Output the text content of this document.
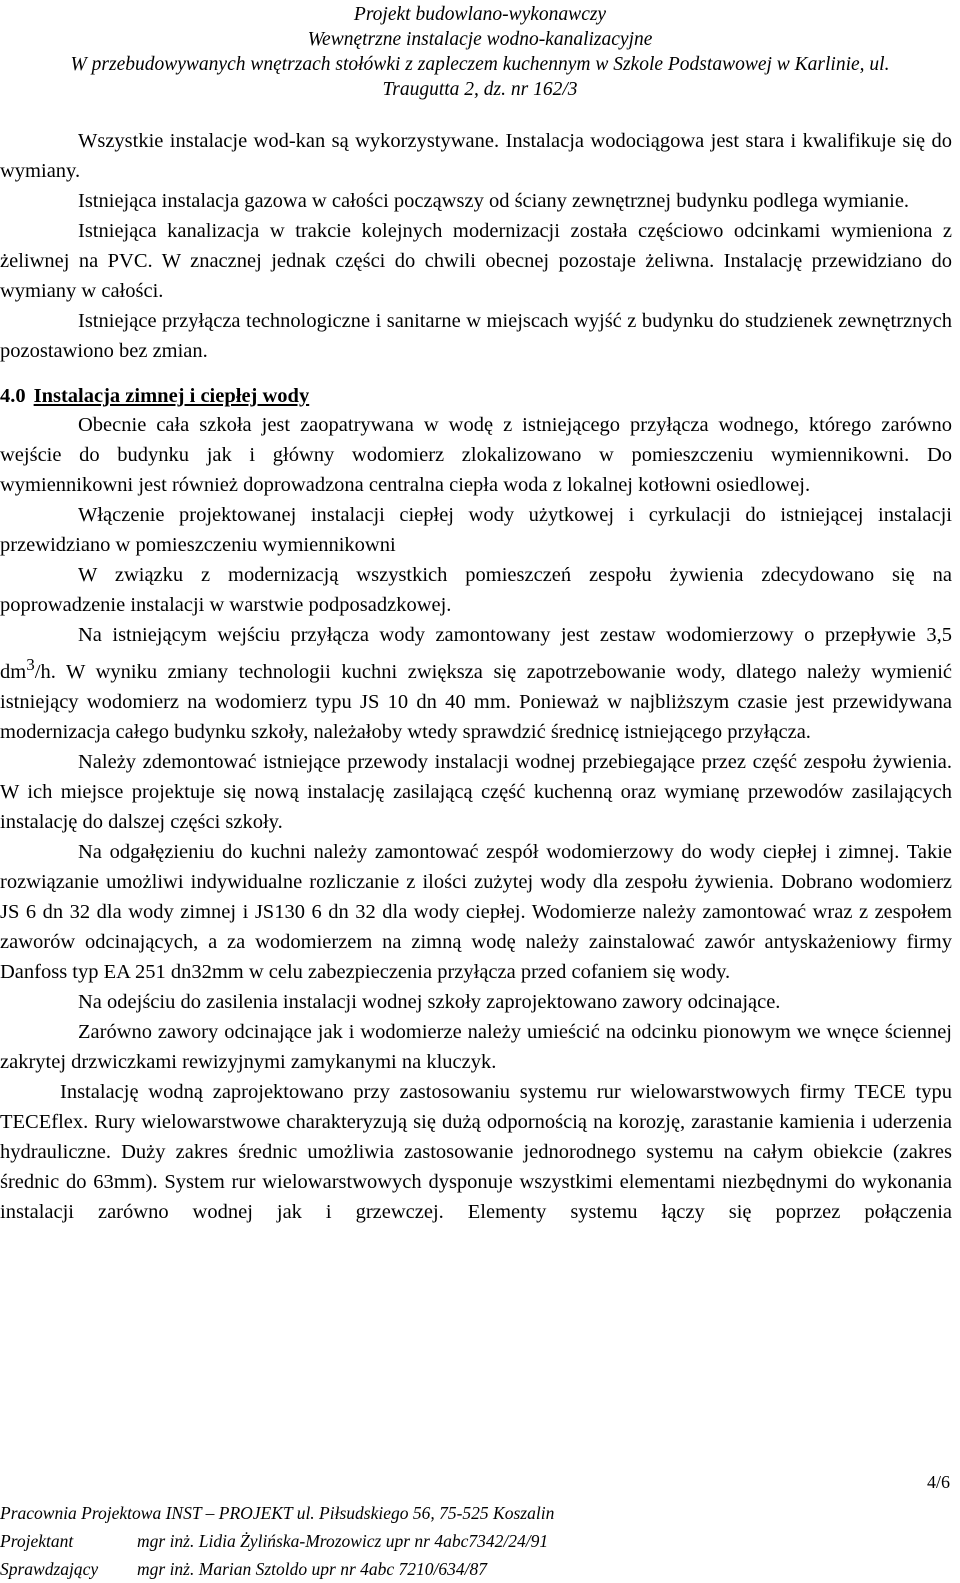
Projekt budowlano-wykonawczy
Wewnętrzne instalacje wodno-kanalizacyjne
W przebudowywanych wnętrzach stołówki z zapleczem kuchennym w Szkole Podstawowej w Karlinie, ul.
Traugutta 2, dz. nr 162/3

Wszystkie instalacje wod-kan są wykorzystywane. Instalacja wodociągowa jest stara i kwalifikuje się do wymiany.

Istniejąca instalacja gazowa w całości począwszy od ściany zewnętrznej budynku podlega wymianie.

Istniejąca kanalizacja w trakcie kolejnych modernizacji została częściowo odcinkami wymieniona z żeliwnej na PVC. W znacznej jednak części do chwili obecnej pozostaje żeliwna. Instalację przewidziano do wymiany w całości.

Istniejące przyłącza technologiczne i sanitarne w miejscach wyjść z budynku do studzienek zewnętrznych pozostawiono bez zmian.

4.0 Instalacja zimnej i ciepłej wody

Obecnie cała szkoła jest zaopatrywana w wodę z istniejącego przyłącza wodnego, którego zarówno wejście do budynku jak i główny wodomierz zlokalizowano w pomieszczeniu wymiennikowni. Do wymiennikowni jest również doprowadzona centralna ciepła woda z lokalnej kotłowni osiedlowej.

Włączenie projektowanej instalacji ciepłej wody użytkowej i cyrkulacji do istniejącej instalacji przewidziano w pomieszczeniu wymiennikowni

W związku z modernizacją wszystkich pomieszczeń zespołu żywienia zdecydowano się na poprowadzenie instalacji w warstwie podposadzkowej.

Na istniejącym wejściu przyłącza wody zamontowany jest zestaw wodomierzowy o przepływie 3,5 $dm^3/h$. W wyniku zmiany technologii kuchni zwiększa się zapotrzebowanie wody, dlatego należy wymienić istniejący wodomierz na wodomierz typu JS 10 dn 40 mm. Ponieważ w najbliższym czasie jest przewidywana modernizacja całego budynku szkoły, należałoby wtedy sprawdzić średnicę istniejącego przyłącza.

Należy zdemontować istniejące przewody instalacji wodnej przebiegające przez część zespołu żywienia. W ich miejsce projektuje się nową instalację zasilającą część kuchenną oraz wymianę przewodów zasilających instalację do dalszej części szkoły.

Na odgałęzieniu do kuchni należy zamontować zespół wodomierzowy do wody ciepłej i zimnej. Takie rozwiązanie umożliwi indywidualne rozliczanie z ilości zużytej wody dla zespołu żywienia. Dobrano wodomierz JS 6 dn 32 dla wody zimnej i JS130 6 dn 32 dla wody ciepłej. Wodomierze należy zamontować wraz z zespołem zaworów odcinających, a za wodomierzem na zimną wodę należy zainstalować zawór antyskażeniowy firmy Danfoss typ EA 251 dn32mm w celu zabezpieczenia przyłącza przed cofaniem się wody.

Na odejściu do zasilenia instalacji wodnej szkoły zaprojektowano zawory odcinające.

Zarówno zawory odcinające jak i wodomierze należy umieścić na odcinku pionowym we wnęce ściennej zakrytej drzwiczkami rewizyjnymi zamykanymi na kluczyk.

Instalację wodną zaprojektowano przy zastosowaniu systemu rur wielowarstwowych firmy TECE typu TECEflex. Rury wielowarstwowe charakteryzują się dużą odpornością na korozję, zarastanie kamienia i uderzenia hydrauliczne. Duży zakres średnic umożliwia zastosowanie jednorodnego systemu na całym obiekcie (zakres średnic do 63mm). System rur wielowarstwowych dysponuje wszystkimi elementami niezbędnymi do wykonania instalacji zarówno wodnej jak i grzewczej. Elementy systemu łączy się poprzez połączenia

4/6
Pracownia Projektowa INST – PROJEKT ul. Piłsudskiego 56, 75-525 Koszalin
Projektant	mgr inż. Lidia Żylińska-Mrozowicz upr nr 4abc7342/24/91
Sprawdzający mgr inż. Marian Sztoldo upr nr 4abc 7210/634/87
